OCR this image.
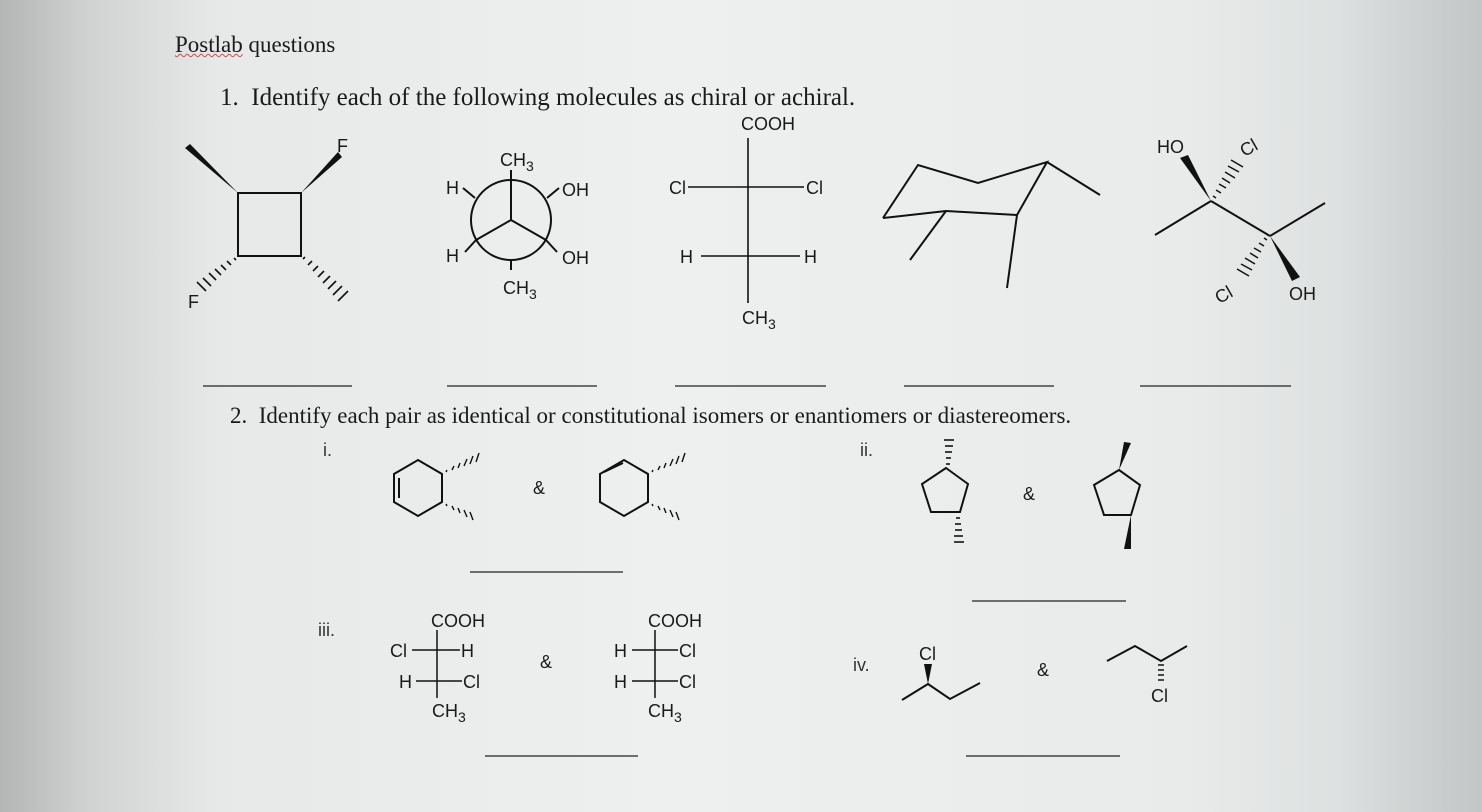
F
F
$CH_3$
H	OH
H	OH
$CH_3$
COOH
Cl	Cl
H	H
$CH_3$
HO	Cl
Cl	OH
&	&
COOH
Cl	H
H	Cl
$CH_3$
&
COOH
H	Cl
H	Cl
$CH_3$
Cl
&
Cl
